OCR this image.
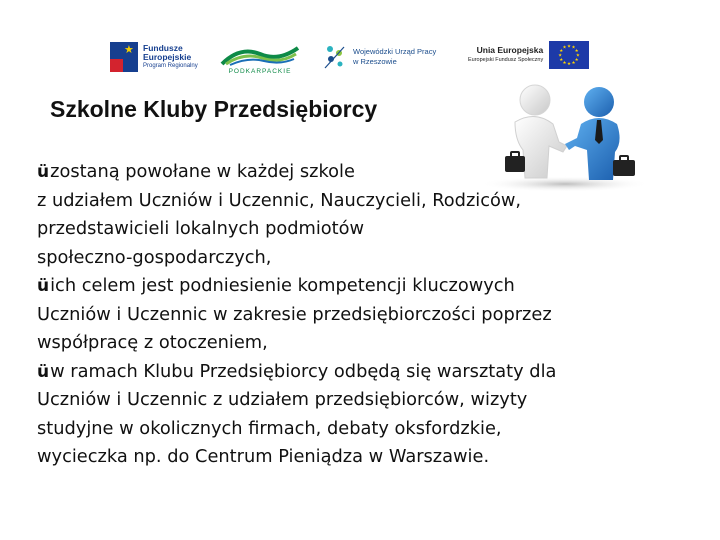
★ Fundusze
Europejskie
Program Regionalny
PODKARPACKIE
Wojewódzki Urząd Pracy
w Rzeszowie
Unia Europejska
Europejski Fundusz Społeczny
★ ★
★
★
★
★
★
★
★
★
★
★
Szkolne Kluby Przedsiębiorcy
üzostaną powołane w każdej szkole
z udziałem Uczniów i Uczennic, Nauczycieli, Rodziców,
przedstawicieli lokalnych podmiotów
społeczno-gospodarczych,
üich celem jest podniesienie kompetencji kluczowych
Uczniów i Uczennic w zakresie przedsiębiorczości poprzez
współpracę z otoczeniem,
üw ramach Klubu Przedsiębiorcy odbędą się warsztaty dla
Uczniów i Uczennic z udziałem przedsiębiorców, wizyty
studyjne w okolicznych firmach, debaty oksfordzkie,
wycieczka np. do Centrum Pieniądza w Warszawie.
